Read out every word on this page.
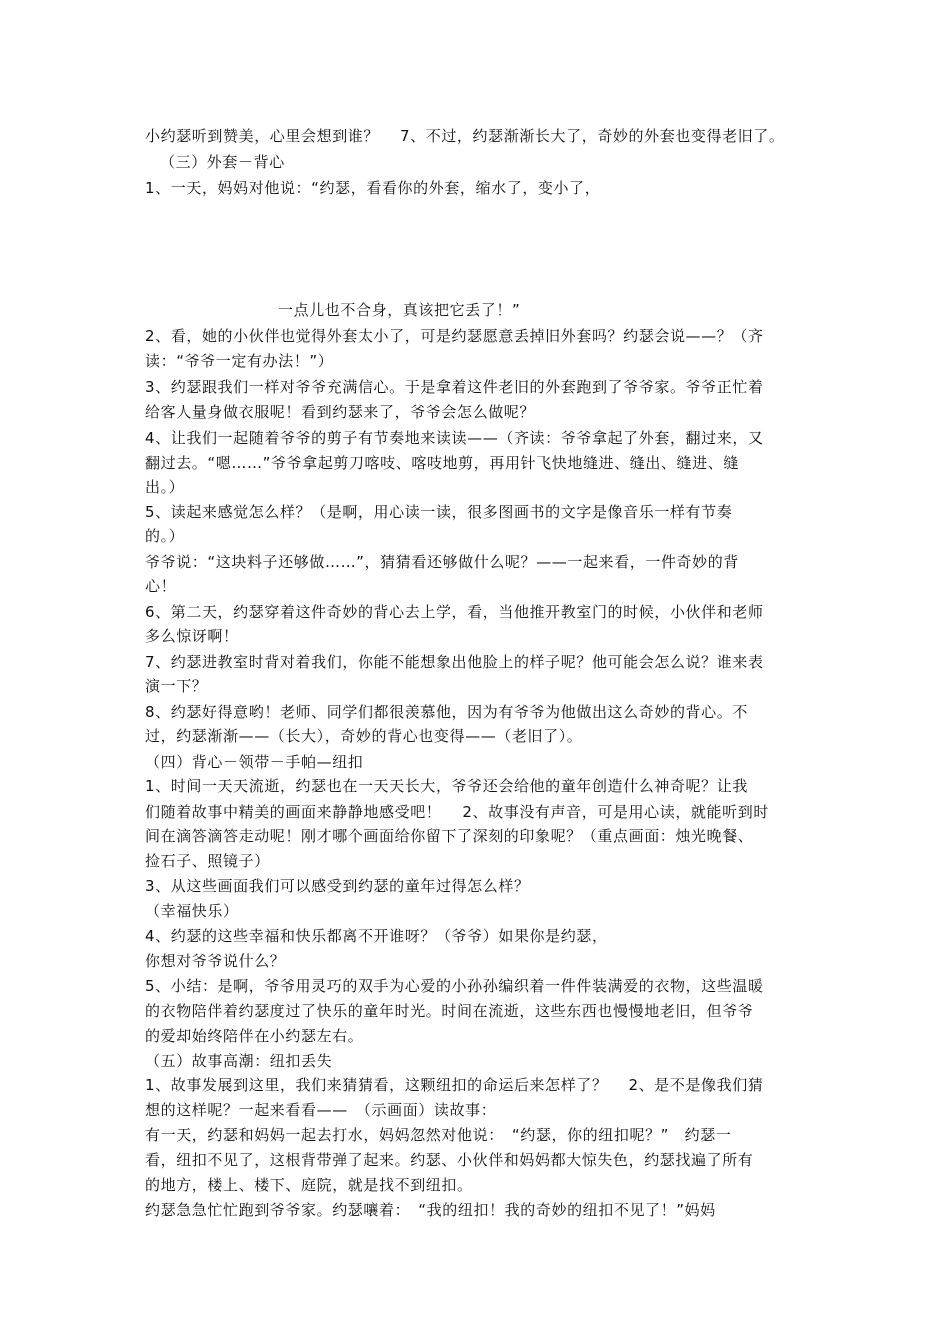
小约瑟听到赞美，心里会想到谁？　 7、不过，约瑟渐渐长大了，奇妙的外套也变得老旧了。
（三）外套－背心
1、一天，妈妈对他说：“约瑟，看看你的外套，缩水了，变小了，
一点儿也不合身，真该把它丢了！”
2、看，她的小伙伴也觉得外套太小了，可是约瑟愿意丢掉旧外套吗？约瑟会说——？（齐
读：“爷爷一定有办法！”）
3、约瑟跟我们一样对爷爷充满信心。于是拿着这件老旧的外套跑到了爷爷家。爷爷正忙着
给客人量身做衣服呢！看到约瑟来了，爷爷会怎么做呢？
4、让我们一起随着爷爷的剪子有节奏地来读读——（齐读：爷爷拿起了外套，翻过来，又
翻过去。“嗯……”爷爷拿起剪刀喀吱、喀吱地剪，再用针飞快地缝进、缝出、缝进、缝
出。）
5、读起来感觉怎么样？（是啊，用心读一读，很多图画书的文字是像音乐一样有节奏
的。）
爷爷说：“这块料子还够做……”，猜猜看还够做什么呢？——一起来看，一件奇妙的背
心！
6、第二天，约瑟穿着这件奇妙的背心去上学，看，当他推开教室门的时候，小伙伴和老师
多么惊讶啊！
7、约瑟进教室时背对着我们，你能不能想象出他脸上的样子呢？他可能会怎么说？谁来表
演一下？
8、约瑟好得意哟！老师、同学们都很羡慕他，因为有爷爷为他做出这么奇妙的背心。不
过，约瑟渐渐——（长大），奇妙的背心也变得——（老旧了）。
（四）背心－领带－手帕—纽扣
1、时间一天天流逝，约瑟也在一天天长大，爷爷还会给他的童年创造什么神奇呢？让我
们随着故事中精美的画面来静静地感受吧！　 2、故事没有声音，可是用心读，就能听到时
间在滴答滴答走动呢！刚才哪个画面给你留下了深刻的印象呢？（重点画面：烛光晚餐、
捡石子、照镜子）
3、从这些画面我们可以感受到约瑟的童年过得怎么样？
（幸福快乐）
4、约瑟的这些幸福和快乐都离不开谁呀？（爷爷）如果你是约瑟，
你想对爷爷说什么？
5、小结：是啊，爷爷用灵巧的双手为心爱的小孙孙编织着一件件装满爱的衣物，这些温暖
的衣物陪伴着约瑟度过了快乐的童年时光。时间在流逝，这些东西也慢慢地老旧，但爷爷
的爱却始终陪伴在小约瑟左右。
（五）故事高潮：纽扣丢失
1、故事发展到这里，我们来猜猜看，这颗纽扣的命运后来怎样了？　 2、是不是像我们猜
想的这样呢？一起来看看——　（示画面）读故事：
有一天，约瑟和妈妈一起去打水，妈妈忽然对他说：　“约瑟，你的纽扣呢？”　约瑟一
看，纽扣不见了，这根背带弹了起来。约瑟、小伙伴和妈妈都大惊失色，约瑟找遍了所有
的地方，楼上、楼下、庭院，就是找不到纽扣。
约瑟急急忙忙跑到爷爷家。约瑟嚷着：　“我的纽扣！我的奇妙的纽扣不见了！”妈妈
